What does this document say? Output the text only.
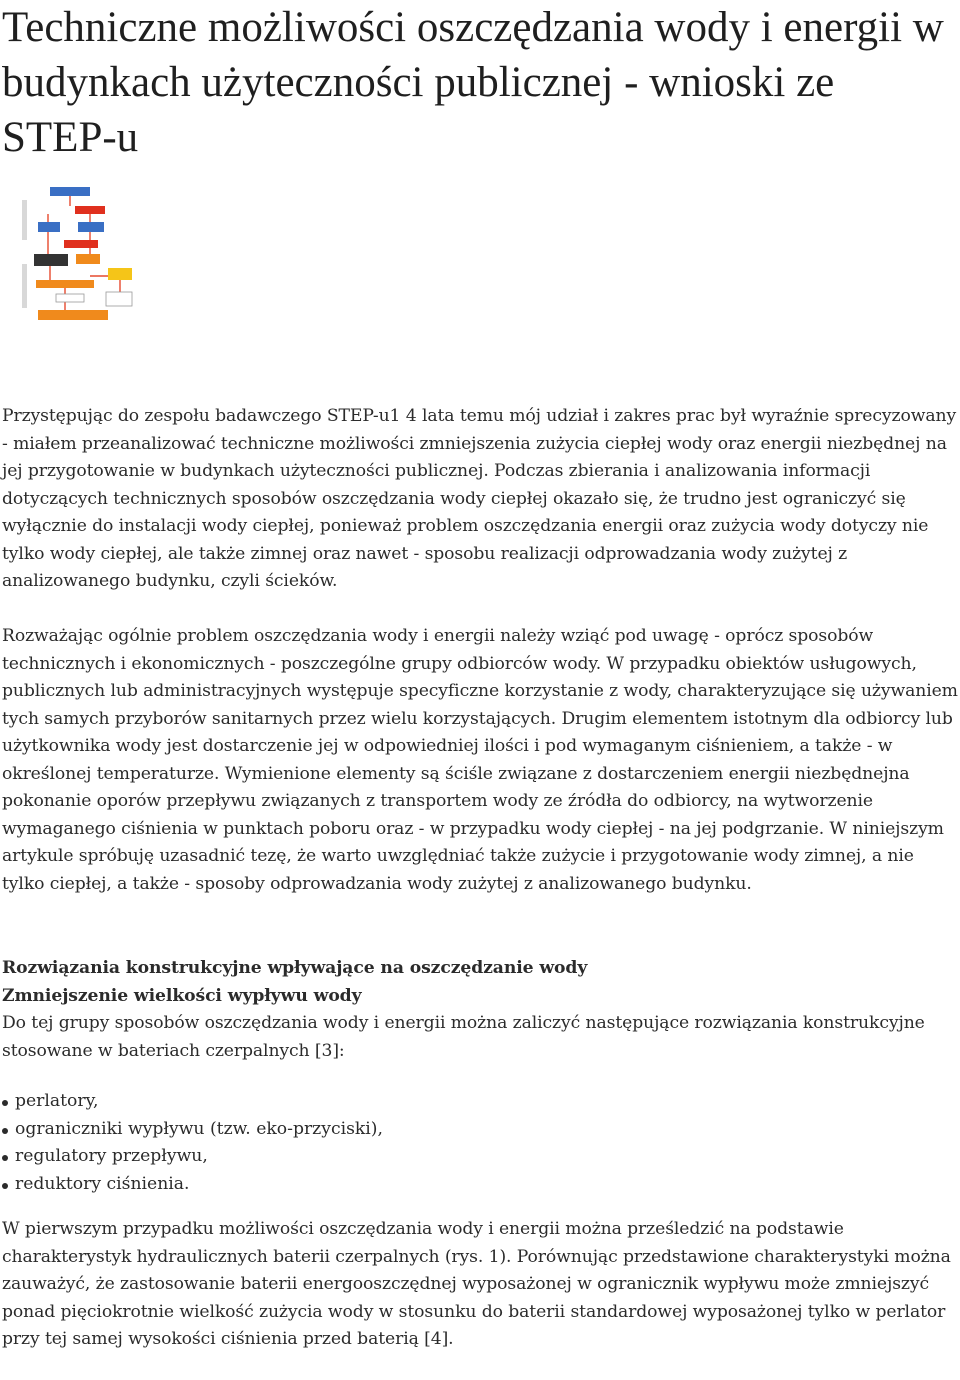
Techniczne możliwości oszczędzania wody i energii w budynkach użyteczności publicznej - wnioski ze STEP-u

Przystępując do zespołu badawczego STEP-u1 4 lata temu mój udział i zakres prac był wyraźnie sprecyzowany - miałem przeanalizować techniczne możliwości zmniejszenia zużycia ciepłej wody oraz energii niezbędnej na jej przygotowanie w budynkach użyteczności publicznej. Podczas zbierania i analizowania informacji dotyczących technicznych sposobów oszczędzania wody ciepłej okazało się, że trudno jest ograniczyć się wyłącznie do instalacji wody ciepłej, ponieważ problem oszczędzania energii oraz zużycia wody dotyczy nie tylko wody ciepłej, ale także zimnej oraz nawet - sposobu realizacji odprowadzania wody zużytej z analizowanego budynku, czyli ścieków.

Rozważając ogólnie problem oszczędzania wody i energii należy wziąć pod uwagę - oprócz sposobów technicznych i ekonomicznych - poszczególne grupy odbiorców wody. W przypadku obiektów usługowych, publicznych lub administracyjnych występuje specyficzne korzystanie z wody, charakteryzujące się używaniem tych samych przyborów sanitarnych przez wielu korzystających. Drugim elementem istotnym dla odbiorcy lub użytkownika wody jest dostarczenie jej w odpowiedniej ilości i pod wymaganym ciśnieniem, a także - w określonej temperaturze. Wymienione elementy są ściśle związane z dostarczeniem energii niezbędnejna pokonanie oporów przepływu związanych z transportem wody ze źródła do odbiorcy, na wytworzenie wymaganego ciśnienia w punktach poboru oraz - w przypadku wody ciepłej - na jej podgrzanie. W niniejszym artykule spróbuję uzasadnić tezę, że warto uwzględniać także zużycie i przygotowanie wody zimnej, a nie tylko ciepłej, a także - sposoby odprowadzania wody zużytej z analizowanego budynku.

Rozwiązania konstrukcyjne wpływające na oszczędzanie wody
Zmniejszenie wielkości wypływu wody

Do tej grupy sposobów oszczędzania wody i energii można zaliczyć następujące rozwiązania konstrukcyjne stosowane w bateriach czerpalnych [3]:

perlatory,
ograniczniki wypływu (tzw. eko-przyciski),
regulatory przepływu,
reduktory ciśnienia.

W pierwszym przypadku możliwości oszczędzania wody i energii można prześledzić na podstawie charakterystyk hydraulicznych baterii czerpalnych (rys. 1). Porównując przedstawione charakterystyki można zauważyć, że zastosowanie baterii energooszczędnej wyposażonej w ogranicznik wypływu może zmniejszyć ponad pięciokrotnie wielkość zużycia wody w stosunku do baterii standardowej wyposażonej tylko w perlator przy tej samej wysokości ciśnienia przed baterią [4].
